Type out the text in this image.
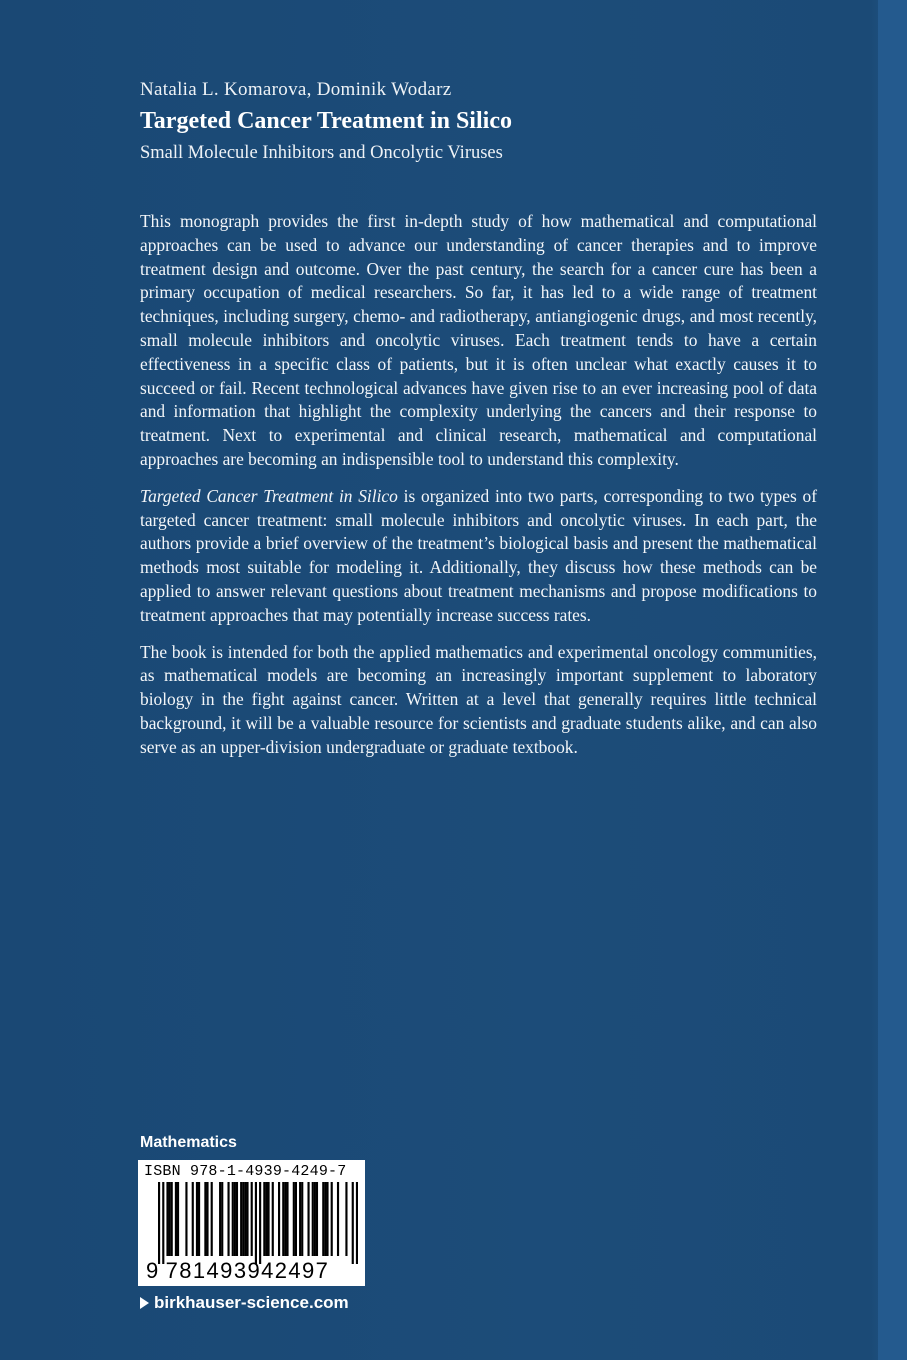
Natalia L. Komarova, Dominik Wodarz
Targeted Cancer Treatment in Silico
Small Molecule Inhibitors and Oncolytic Viruses

This monograph provides the first in-depth study of how mathematical and computational approaches can be used to advance our understanding of cancer therapies and to improve treatment design and outcome. Over the past century, the search for a cancer cure has been a primary occupation of medical researchers. So far, it has led to a wide range of treatment techniques, including surgery, chemo- and radiotherapy, antiangiogenic drugs, and most recently, small molecule inhibitors and oncolytic viruses. Each treatment tends to have a certain effectiveness in a specific class of patients, but it is often unclear what exactly causes it to succeed or fail. Recent technological advances have given rise to an ever increasing pool of data and information that highlight the complexity underlying the cancers and their response to treatment. Next to experimental and clinical research, mathematical and computational approaches are becoming an indispensible tool to understand this complexity.

Targeted Cancer Treatment in Silico is organized into two parts, corresponding to two types of targeted cancer treatment: small molecule inhibitors and oncolytic viruses. In each part, the authors provide a brief overview of the treatment’s biological basis and present the mathematical methods most suitable for modeling it. Additionally, they discuss how these methods can be applied to answer relevant questions about treatment mechanisms and propose modifications to treatment approaches that may potentially increase success rates.

The book is intended for both the applied mathematics and experimental oncology communities, as mathematical models are becoming an increasingly important supplement to laboratory biology in the fight against cancer. Written at a level that generally requires little technical background, it will be a valuable resource for scientists and graduate students alike, and can also serve as an upper-division undergraduate or graduate textbook.

Mathematics
ISBN 978-1-4939-4249-7
9 781493942497
birkhauser-science.com
